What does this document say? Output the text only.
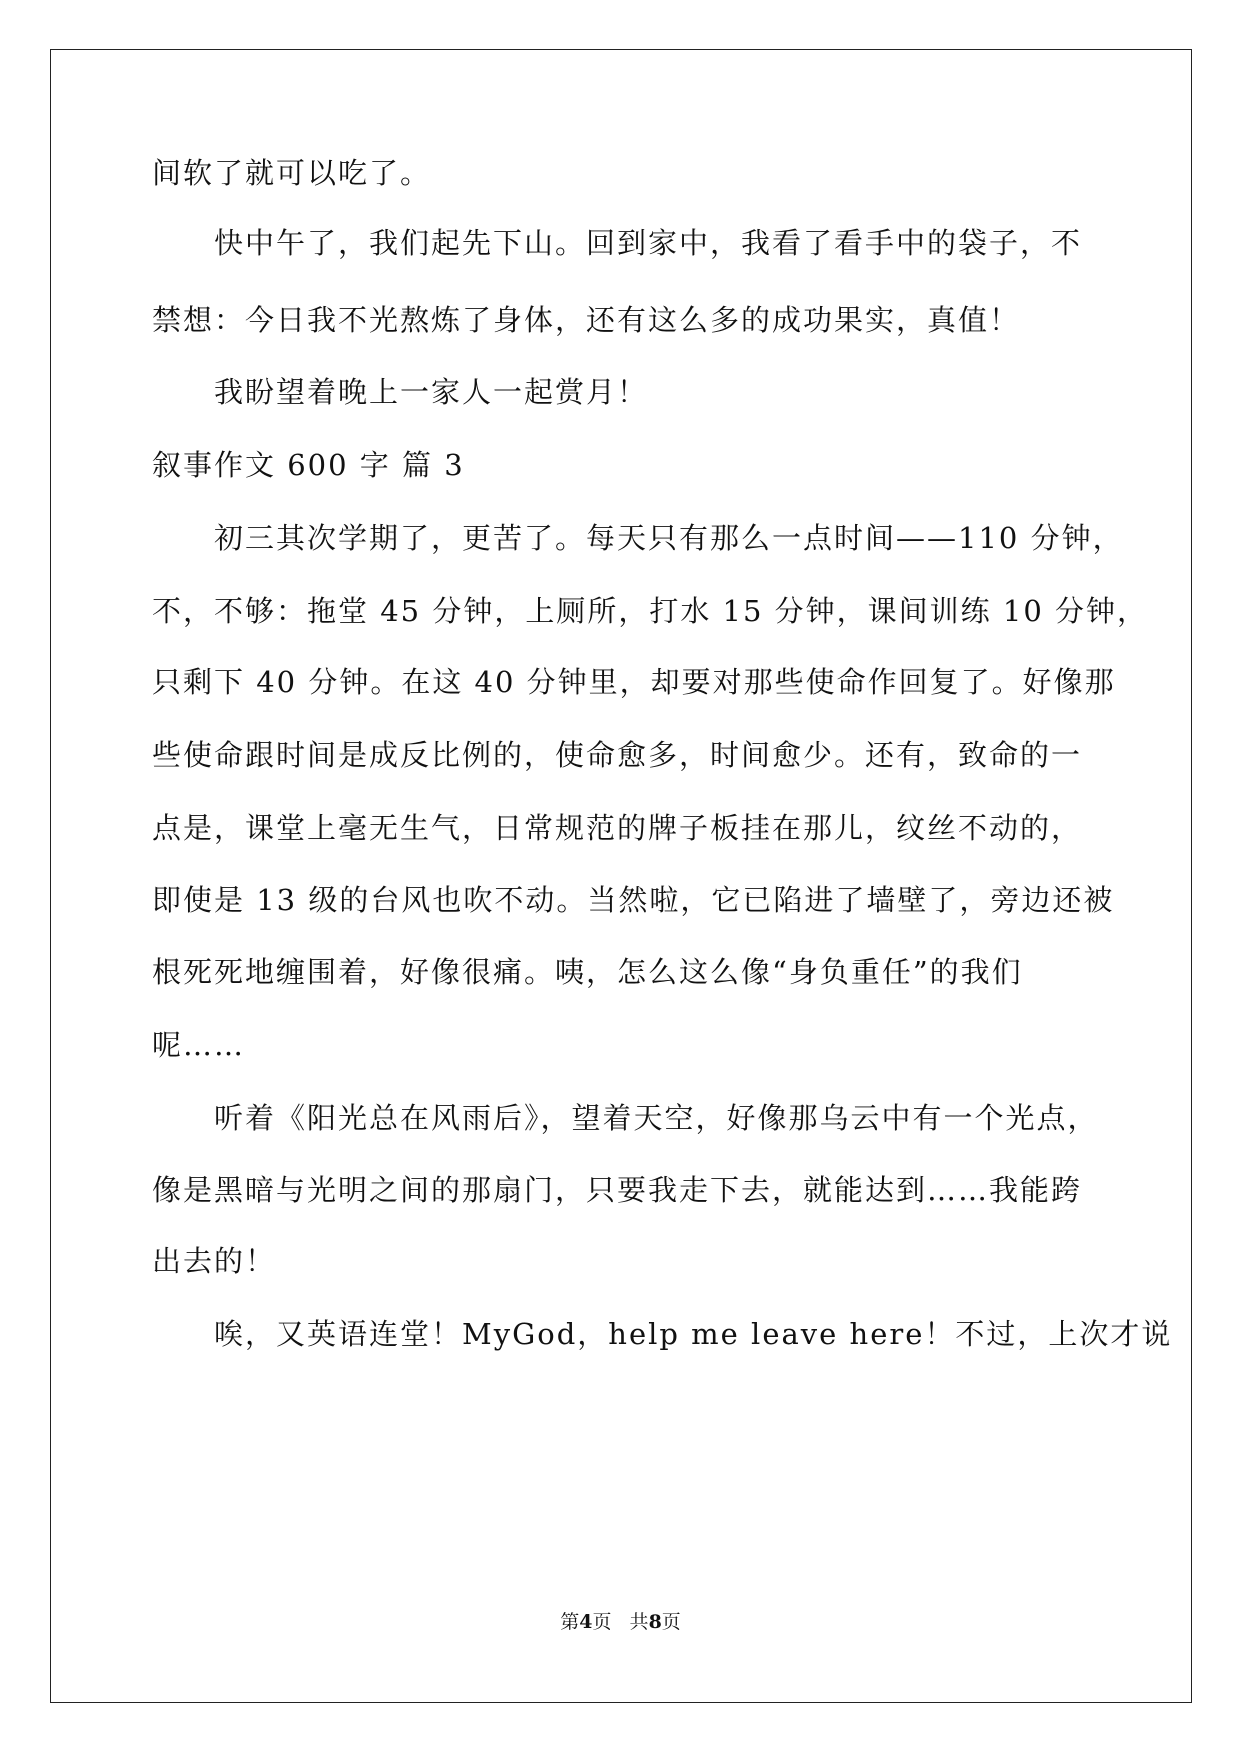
间软了就可以吃了。
　　快中午了，我们起先下山。回到家中，我看了看手中的袋子，不
禁想：今日我不光熬炼了身体，还有这么多的成功果实，真值！
　　我盼望着晚上一家人一起赏月！
叙事作文 600 字 篇 3
　　初三其次学期了，更苦了。每天只有那么一点时间——110 分钟，
不，不够：拖堂 45 分钟，上厕所，打水 15 分钟，课间训练 10 分钟，
只剩下 40 分钟。在这 40 分钟里，却要对那些使命作回复了。好像那
些使命跟时间是成反比例的，使命愈多，时间愈少。还有，致命的一
点是，课堂上毫无生气，日常规范的牌子板挂在那儿，纹丝不动的，
即使是 13 级的台风也吹不动。当然啦，它已陷进了墙壁了，旁边还被
根死死地缠围着，好像很痛。咦，怎么这么像“身负重任”的我们
呢……
　　听着《阳光总在风雨后》，望着天空，好像那乌云中有一个光点，
像是黑暗与光明之间的那扇门，只要我走下去，就能达到……我能跨
出去的！
　　唉，又英语连堂！MyGod，help me leave here！不过，上次才说
第4页   共8页
